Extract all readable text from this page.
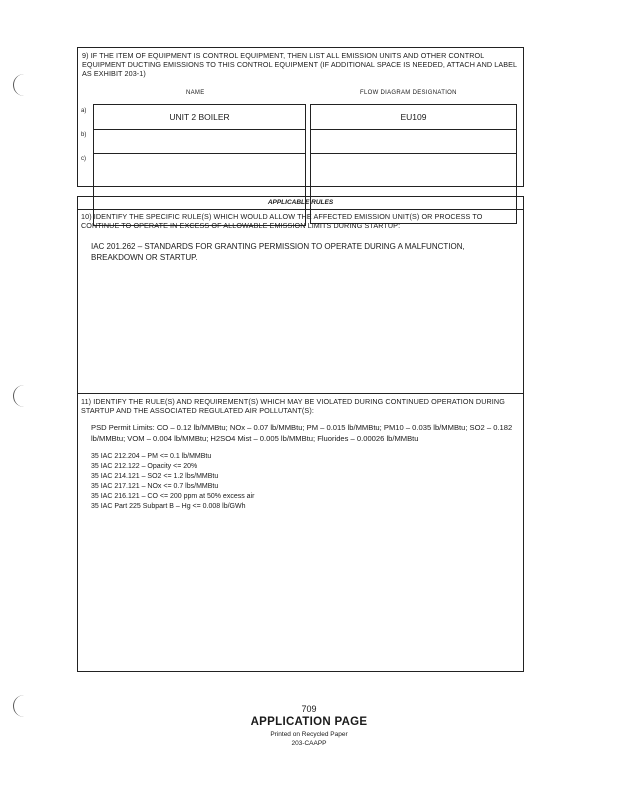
9) IF THE ITEM OF EQUIPMENT IS CONTROL EQUIPMENT, THEN LIST ALL EMISSION UNITS AND OTHER CONTROL EQUIPMENT DUCTING EMISSIONS TO THIS CONTROL EQUIPMENT (IF ADDITIONAL SPACE IS NEEDED, ATTACH AND LABEL AS EXHIBIT 203-1)
NAME	FLOW DIAGRAM DESIGNATION
a)
b)
c)
UNIT 2 BOILER	EU109
APPLICABLE RULES
10) IDENTIFY THE SPECIFIC RULE(S) WHICH WOULD ALLOW THE AFFECTED EMISSION UNIT(S) OR PROCESS TO CONTINUE TO OPERATE IN EXCESS OF ALLOWABLE EMISSION LIMITS DURING STARTUP:
IAC 201.262 – STANDARDS FOR GRANTING PERMISSION TO OPERATE DURING A MALFUNCTION, BREAKDOWN OR STARTUP.
11) IDENTIFY THE RULE(S) AND REQUIREMENT(S) WHICH MAY BE VIOLATED DURING CONTINUED OPERATION DURING STARTUP AND THE ASSOCIATED REGULATED AIR POLLUTANT(S):
PSD Permit Limits: CO – 0.12 lb/MMBtu; NOx – 0.07 lb/MMBtu; PM – 0.015 lb/MMBtu; PM10 – 0.035 lb/MMBtu; SO2 – 0.182 lb/MMBtu; VOM – 0.004 lb/MMBtu; H2SO4 Mist – 0.005 lb/MMBtu; Fluorides – 0.00026 lb/MMBtu
35 IAC 212.204 – PM <= 0.1 lb/MMBtu
35 IAC 212.122 – Opacity <= 20%
35 IAC 214.121 – SO2 <= 1.2 lbs/MMBtu
35 IAC 217.121 – NOx <= 0.7 lbs/MMBtu
35 IAC 216.121 – CO <= 200 ppm at 50% excess air
35 IAC Part 225 Subpart B – Hg <= 0.008 lb/GWh
709
APPLICATION PAGE
Printed on Recycled Paper
203-CAAPP
